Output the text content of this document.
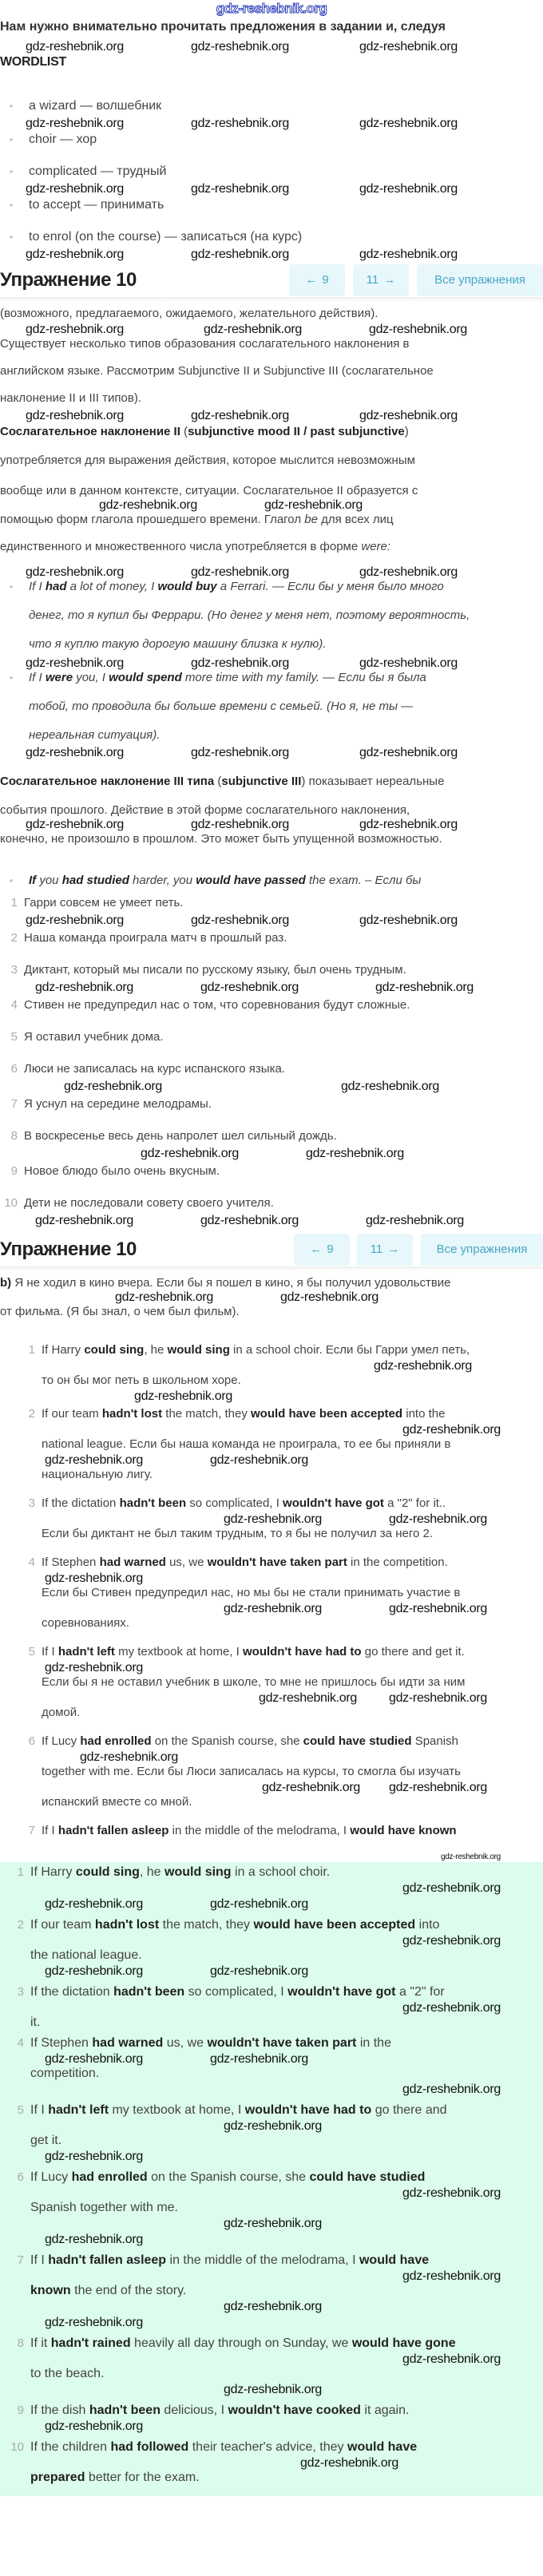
gdz-reshebnik.org
Нам нужно внимательно прочитать предложения в задании и, следуя
gdz-reshebnik.org	gdz-reshebnik.org	gdz-reshebnik.org
WORDLIST
•	a wizard — волшебник
gdz-reshebnik.org	gdz-reshebnik.org	gdz-reshebnik.org
•	choir — хор
•	complicated — трудный
gdz-reshebnik.org	gdz-reshebnik.org	gdz-reshebnik.org
•	to accept — принимать
•	to enrol (on the course) — записаться (на курс)
gdz-reshebnik.org	gdz-reshebnik.org	gdz-reshebnik.org
Упражнение 10	← 9	11 →	Все упражнения
(возможного, предлагаемого, ожидаемого, желательного действия).
gdz-reshebnik.org	gdz-reshebnik.org	gdz-reshebnik.org
Существует несколько типов образования сослагательного наклонения в
английском языке. Рассмотрим Subjunctive II и Subjunctive III (сослагательное
наклонение II и III типов).
gdz-reshebnik.org	gdz-reshebnik.org	gdz-reshebnik.org
Сослагательное наклонение II (subjunctive mood II / past subjunctive)
употребляется для выражения действия, которое мыслится невозможным
вообще или в данном контексте, ситуации. Сослагательное II образуется с
gdz-reshebnik.org	gdz-reshebnik.org
помощью форм глагола прошедшего времени. Глагол be для всех лиц
единственного и множественного числа употребляется в форме were:
gdz-reshebnik.org	gdz-reshebnik.org	gdz-reshebnik.org
•	If I had a lot of money, I would buy a Ferrari. — Если бы у меня было много
денег, то я купил бы Феррари. (Но денег у меня нет, поэтому вероятность,
что я куплю такую дорогую машину близка к нулю).
gdz-reshebnik.org	gdz-reshebnik.org	gdz-reshebnik.org
•	If I were you, I would spend more time with my family. — Если бы я была
тобой, то проводила бы больше времени с семьей. (Но я, не ты —
нереальная ситуация).
gdz-reshebnik.org	gdz-reshebnik.org	gdz-reshebnik.org
Сослагательное наклонение III типа (subjunctive III) показывает нереальные
события прошлого. Действие в этой форме сослагательного наклонения,
gdz-reshebnik.org	gdz-reshebnik.org	gdz-reshebnik.org
конечно, не произошло в прошлом. Это может быть упущенной возможностью.
•	If you had studied harder, you would have passed the exam. – Если бы
1 Гарри совсем не умеет петь.
gdz-reshebnik.org	gdz-reshebnik.org	gdz-reshebnik.org
2 Наша команда проиграла матч в прошлый раз.
3 Диктант, который мы писали по русскому языку, был очень трудным.
gdz-reshebnik.org	gdz-reshebnik.org	gdz-reshebnik.org
4 Стивен не предупредил нас о том, что соревнования будут сложные.
5 Я оставил учебник дома.
6 Люси не записалась на курс испанского языка.
gdz-reshebnik.org	gdz-reshebnik.org
7 Я уснул на середине мелодрамы.
8 В воскресенье весь день напролет шел сильный дождь.
gdz-reshebnik.org	gdz-reshebnik.org
9 Новое блюдо было очень вкусным.
10 Дети не последовали совету своего учителя.
gdz-reshebnik.org	gdz-reshebnik.org	gdz-reshebnik.org
Упражнение 10	← 9	11 →	Все упражнения
b) Я не ходил в кино вчера. Если бы я пошел в кино, я бы получил удовольствие
gdz-reshebnik.org	gdz-reshebnik.org
от фильма. (Я бы знал, о чем был фильм).
1 If Harry could sing, he would sing in a school choir. Если бы Гарри умел петь,
gdz-reshebnik.org
то он бы мог петь в школьном хоре.
gdz-reshebnik.org
2 If our team hadn't lost the match, they would have been accepted into the
gdz-reshebnik.org
national league. Если бы наша команда не проиграла, то ее бы приняли в
gdz-reshebnik.org	gdz-reshebnik.org
национальную лигу.
3 If the dictation hadn't been so complicated, I wouldn't have got a "2" for it..
gdz-reshebnik.org	gdz-reshebnik.org
Если бы диктант не был таким трудным, то я бы не получил за него 2.
4 If Stephen had warned us, we wouldn't have taken part in the competition.
gdz-reshebnik.org
Если бы Стивен предупредил нас, но мы бы не стали принимать участие в
gdz-reshebnik.org	gdz-reshebnik.org
соревнованиях.
5 If I hadn't left my textbook at home, I wouldn't have had to go there and get it.
gdz-reshebnik.org
Если бы я не оставил учебник в школе, то мне не пришлось бы идти за ним
gdz-reshebnik.org	gdz-reshebnik.org
домой.
6 If Lucy had enrolled on the Spanish course, she could have studied Spanish
gdz-reshebnik.org
together with me. Если бы Люси записалась на курсы, то смогла бы изучать
gdz-reshebnik.org gdz-reshebnik.org
испанский вместе со мной.
7 If I hadn't fallen asleep in the middle of the melodrama, I would have known
gdz-reshebnik.org
1 If Harry could sing, he would sing in a school choir.
gdz-reshebnik.org
gdz-reshebnik.org	gdz-reshebnik.org
2 If our team hadn't lost the match, they would have been accepted into
gdz-reshebnik.org
the national league.
gdz-reshebnik.org	gdz-reshebnik.org
3 If the dictation hadn't been so complicated, I wouldn't have got a "2" for
gdz-reshebnik.org
it.
4 If Stephen had warned us, we wouldn't have taken part in the
gdz-reshebnik.org	gdz-reshebnik.org
competition.
gdz-reshebnik.org
5 If I hadn't left my textbook at home, I wouldn't have had to go there and
gdz-reshebnik.org
get it.
gdz-reshebnik.org
6 If Lucy had enrolled on the Spanish course, she could have studied
gdz-reshebnik.org
Spanish together with me.
gdz-reshebnik.org
gdz-reshebnik.org
7 If I hadn't fallen asleep in the middle of the melodrama, I would have
gdz-reshebnik.org
known the end of the story.
gdz-reshebnik.org
gdz-reshebnik.org
8 If it hadn't rained heavily all day through on Sunday, we would have gone
gdz-reshebnik.org
to the beach.
gdz-reshebnik.org
9 If the dish hadn't been delicious, I wouldn't have cooked it again.
gdz-reshebnik.org
10 If the children had followed their teacher's advice, they would have
gdz-reshebnik.org
prepared better for the exam.
